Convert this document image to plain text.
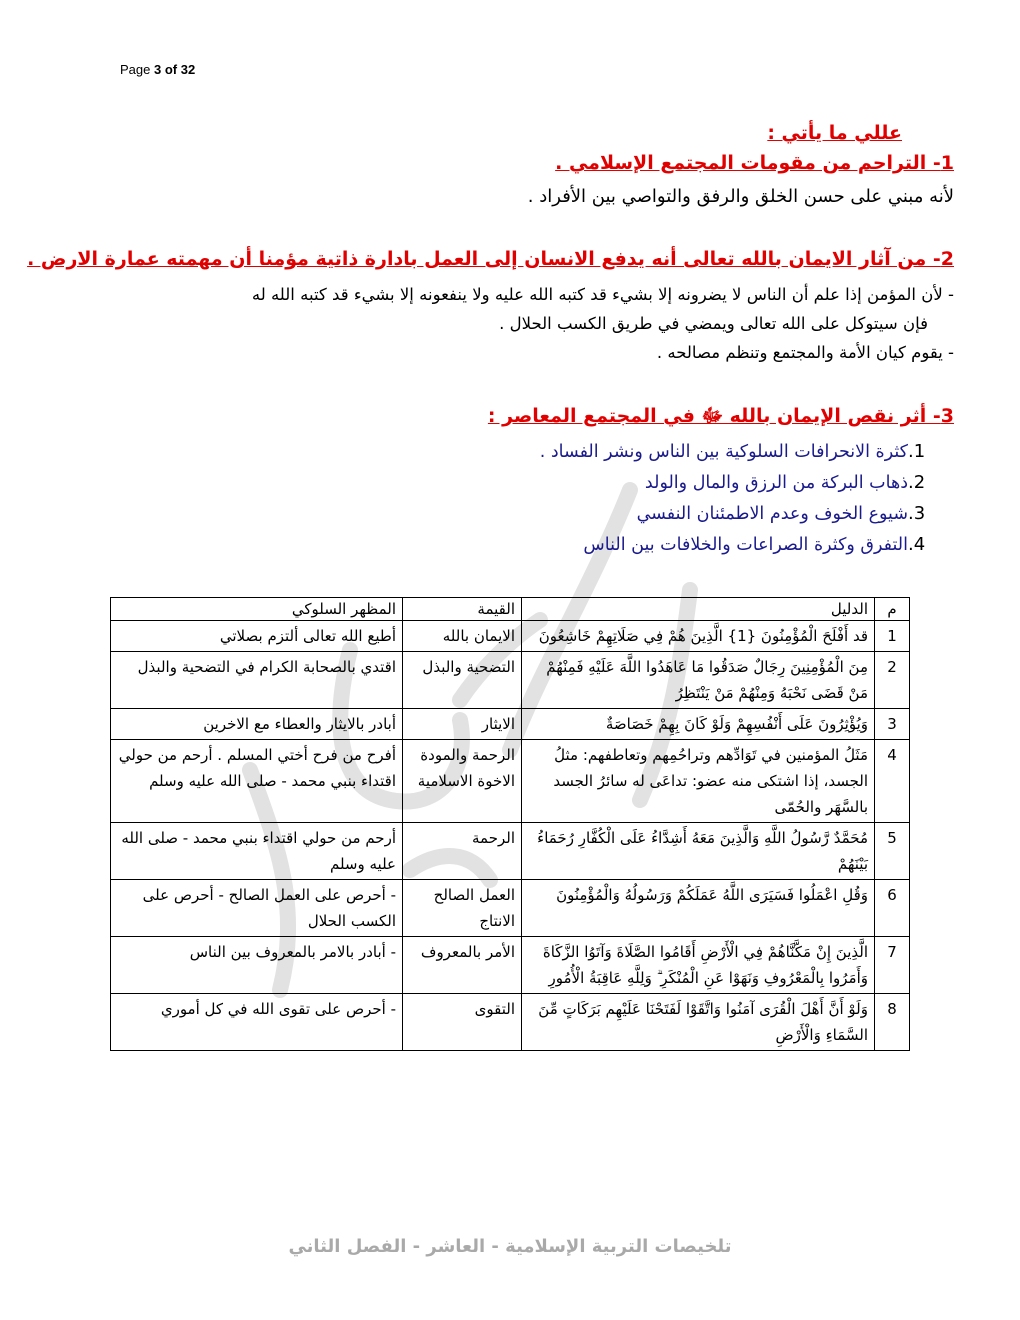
Page 3 of 32
عللي ما يأتي :
1- التراحم من مقومات المجتمع الإسلامي .
لأنه مبني على حسن الخلق والرفق والتواصي بين الأفراد .
2- من آثار الايمان بالله تعالى أنه يدفع الانسان إلى العمل بادارة ذاتية مؤمنا أن مهمته عمارة الارض .
- لأن المؤمن إذا علم أن الناس لا يضرونه إلا بشيء قد كتبه الله عليه ولا ينفعونه إلا بشيء قد كتبه الله له
فإن سيتوكل على الله تعالى ويمضي في طريق الكسب الحلال .
- يقوم كيان الأمة والمجتمع وتنظم مصالحه .
3- أثر نقص الإيمان بالله ﷻ في المجتمع المعاصر :
1.كثرة الانحرافات السلوكية بين الناس ونشر الفساد .
2.ذهاب البركة من الرزق والمال والولد
3.شيوع الخوف وعدم الاطمئنان النفسي
4.التفرق وكثرة الصراعات والخلافات بين الناس
م	الدليل	القيمة	المظهر السلوكي
1	قد أَفْلَحَ الْمُؤْمِنُونَ {1} الَّذِينَ هُمْ فِي صَلَاتِهِمْ خَاشِعُونَ	الايمان بالله	أطيع الله تعالى ألتزم بصلاتي
2	مِنَ الْمُؤْمِنِينَ رِجَالٌ صَدَقُوا مَا عَاهَدُوا اللَّهَ عَلَيْهِ فَمِنْهُمْ مَنْ قَضَى نَحْبَهُ وَمِنْهُمْ مَنْ يَنْتَظِرُ	التضحية والبذل	اقتدي بالصحابة الكرام في التضحية والبذل
3	وَيُؤْثِرُونَ عَلَى أَنْفُسِهِمْ وَلَوْ كَانَ بِهِمْ خَصَاصَةٌ	الايثار	أبادر بالايثار والعطاء مع الاخرين
4	مَثَلُ المؤمنين في تَوَادِّهم وتراحُمِهم وتعاطفهم: مثلُ الجسد، إذا اشتكى منه عضو: تداعَى له سائرُ الجسد بالسَّهَر والحُمّى	الرحمة والمودة الاخوة الاسلامية	أفرح من فرح أختي المسلم . أرحم من حولي اقتداء بنبي محمد - صلى الله عليه وسلم
5	مُحَمَّدٌ رَّسُولُ اللَّهِ وَالَّذِينَ مَعَهُ أَشِدَّاءُ عَلَى الْكُفَّارِ رُحَمَاءُ بَيْنَهُمْ	الرحمة	أرحم من حولي اقتداء بنبي محمد - صلى الله عليه وسلم
6	وَقُلِ اعْمَلُوا فَسَيَرَى اللَّهُ عَمَلَكُمْ وَرَسُولُهُ وَالْمُؤْمِنُونَ	العمل الصالح الانتاج	- أحرص على العمل الصالح - أحرص على الكسب الحلال
7	الَّذِينَ إِنْ مَكَّنَّاهُمْ فِي الْأَرْضِ أَقَامُوا الصَّلَاةَ وَآتَوُا الزَّكَاةَ وَأَمَرُوا بِالْمَعْرُوفِ وَنَهَوْا عَنِ الْمُنْكَرِ ۗ وَلِلَّهِ عَاقِبَةُ الْأُمُورِ	الأمر بالمعروف	- أبادر بالامر بالمعروف بين الناس
8	وَلَوْ أَنَّ أَهْلَ الْقُرَى آمَنُوا وَاتَّقَوْا لَفَتَحْنَا عَلَيْهِم بَرَكَاتٍ مِّنَ السَّمَاءِ وَالْأَرْضِ	التقوى	- أحرص على تقوى الله في كل أموري
تلخيصات التربية الإسلامية - العاشر - الفصل الثاني
